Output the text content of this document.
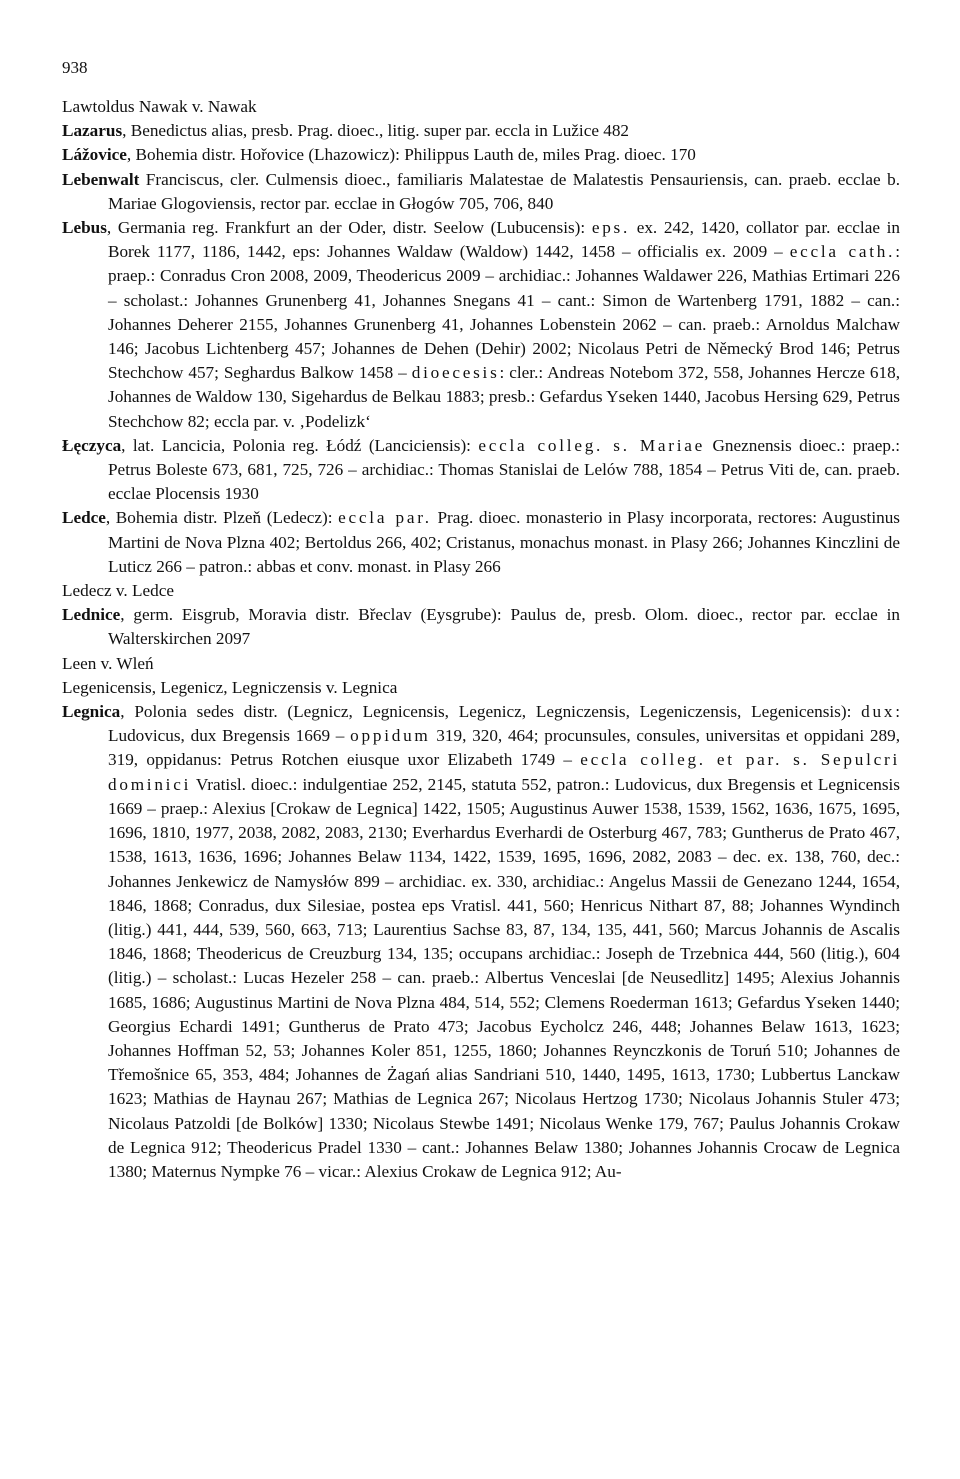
938

Lawtoldus Nawak v. Nawak

Lazarus, Benedictus alias, presb. Prag. dioec., litig. super par. eccla in Lužice 482

Lážovice, Bohemia distr. Hořovice (Lhazowicz): Philippus Lauth de, miles Prag. dioec. 170

Lebenwalt Franciscus, cler. Culmensis dioec., familiaris Malatestae de Malatestis Pensauriensis, can. praeb. ecclae b. Mariae Glogoviensis, rector par. ecclae in Głogów 705, 706, 840

Lebus, Germania reg. Frankfurt an der Oder, distr. Seelow (Lubucensis): eps. ex. 242, 1420, collator par. ecclae in Borek 1177, 1186, 1442, eps: Johannes Waldaw (Waldow) 1442, 1458 – officialis ex. 2009 – eccla cath.: praep.: Conradus Cron 2008, 2009, Theodericus 2009 – archidiac.: Johannes Waldawer 226, Mathias Ertimari 226 – scholast.: Johannes Grunenberg 41, Johannes Snegans 41 – cant.: Simon de Wartenberg 1791, 1882 – can.: Johannes Deherer 2155, Johannes Grunenberg 41, Johannes Lobenstein 2062 – can. praeb.: Arnoldus Malchaw 146; Jacobus Lichtenberg 457; Johannes de Dehen (Dehir) 2002; Nicolaus Petri de Německý Brod 146; Petrus Stechchow 457; Seghardus Balkow 1458 – dioecesis: cler.: Andreas Notebom 372, 558, Johannes Hercze 618, Johannes de Waldow 130, Sigehardus de Belkau 1883; presb.: Gefardus Yseken 1440, Jacobus Hersing 629, Petrus Stechchow 82; eccla par. v. ‚Podelizk‘

Łęczyca, lat. Lancicia, Polonia reg. Łódź (Lanciciensis): eccla colleg. s. Mariae Gneznensis dioec.: praep.: Petrus Boleste 673, 681, 725, 726 – archidiac.: Thomas Stanislai de Lelów 788, 1854 – Petrus Viti de, can. praeb. ecclae Plocensis 1930

Ledce, Bohemia distr. Plzeň (Ledecz): eccla par. Prag. dioec. monasterio in Plasy incorporata, rectores: Augustinus Martini de Nova Plzna 402; Bertoldus 266, 402; Cristanus, monachus monast. in Plasy 266; Johannes Kinczlini de Luticz 266 – patron.: abbas et conv. monast. in Plasy 266

Ledecz v. Ledce

Lednice, germ. Eisgrub, Moravia distr. Břeclav (Eysgrube): Paulus de, presb. Olom. dioec., rector par. ecclae in Walterskirchen 2097

Leen v. Wleń

Legenicensis, Legenicz, Legniczensis v. Legnica

Legnica, Polonia sedes distr. (Legnicz, Legnicensis, Legenicz, Legniczensis, Legeniczensis, Legenicensis): dux: Ludovicus, dux Bregensis 1669 – oppidum 319, 320, 464; procunsules, consules, universitas et oppidani 289, 319, oppidanus: Petrus Rotchen eiusque uxor Elizabeth 1749 – eccla colleg. et par. s. Sepulcri dominici Vratisl. dioec.: indulgentiae 252, 2145, statuta 552, patron.: Ludovicus, dux Bregensis et Legnicensis 1669 – praep.: Alexius [Crokaw de Legnica] 1422, 1505; Augustinus Auwer 1538, 1539, 1562, 1636, 1675, 1695, 1696, 1810, 1977, 2038, 2082, 2083, 2130; Everhardus Everhardi de Osterburg 467, 783; Guntherus de Prato 467, 1538, 1613, 1636, 1696; Johannes Belaw 1134, 1422, 1539, 1695, 1696, 2082, 2083 – dec. ex. 138, 760, dec.: Johannes Jenkewicz de Namysłów 899 – archidiac. ex. 330, archidiac.: Angelus Massii de Genezano 1244, 1654, 1846, 1868; Conradus, dux Silesiae, postea eps Vratisl. 441, 560; Henricus Nithart 87, 88; Johannes Wyndinch (litig.) 441, 444, 539, 560, 663, 713; Laurentius Sachse 83, 87, 134, 135, 441, 560; Marcus Johannis de Ascalis 1846, 1868; Theodericus de Creuzburg 134, 135; occupans archidiac.: Joseph de Trzebnica 444, 560 (litig.), 604 (litig.) – scholast.: Lucas Hezeler 258 – can. praeb.: Albertus Venceslai [de Neusedlitz] 1495; Alexius Johannis 1685, 1686; Augustinus Martini de Nova Plzna 484, 514, 552; Clemens Roederman 1613; Gefardus Yseken 1440; Georgius Echardi 1491; Guntherus de Prato 473; Jacobus Eycholcz 246, 448; Johannes Belaw 1613, 1623; Johannes Hoffman 52, 53; Johannes Koler 851, 1255, 1860; Johannes Reynczkonis de Toruń 510; Johannes de Třemošnice 65, 353, 484; Johannes de Żagań alias Sandriani 510, 1440, 1495, 1613, 1730; Lubbertus Lanckaw 1623; Mathias de Haynau 267; Mathias de Legnica 267; Nicolaus Hertzog 1730; Nicolaus Johannis Stuler 473; Nicolaus Patzoldi [de Bolków] 1330; Nicolaus Stewbe 1491; Nicolaus Wenke 179, 767; Paulus Johannis Crokaw de Legnica 912; Theodericus Pradel 1330 – cant.: Johannes Belaw 1380; Johannes Johannis Crocaw de Legnica 1380; Maternus Nympke 76 – vicar.: Alexius Crokaw de Legnica 912; Au-
